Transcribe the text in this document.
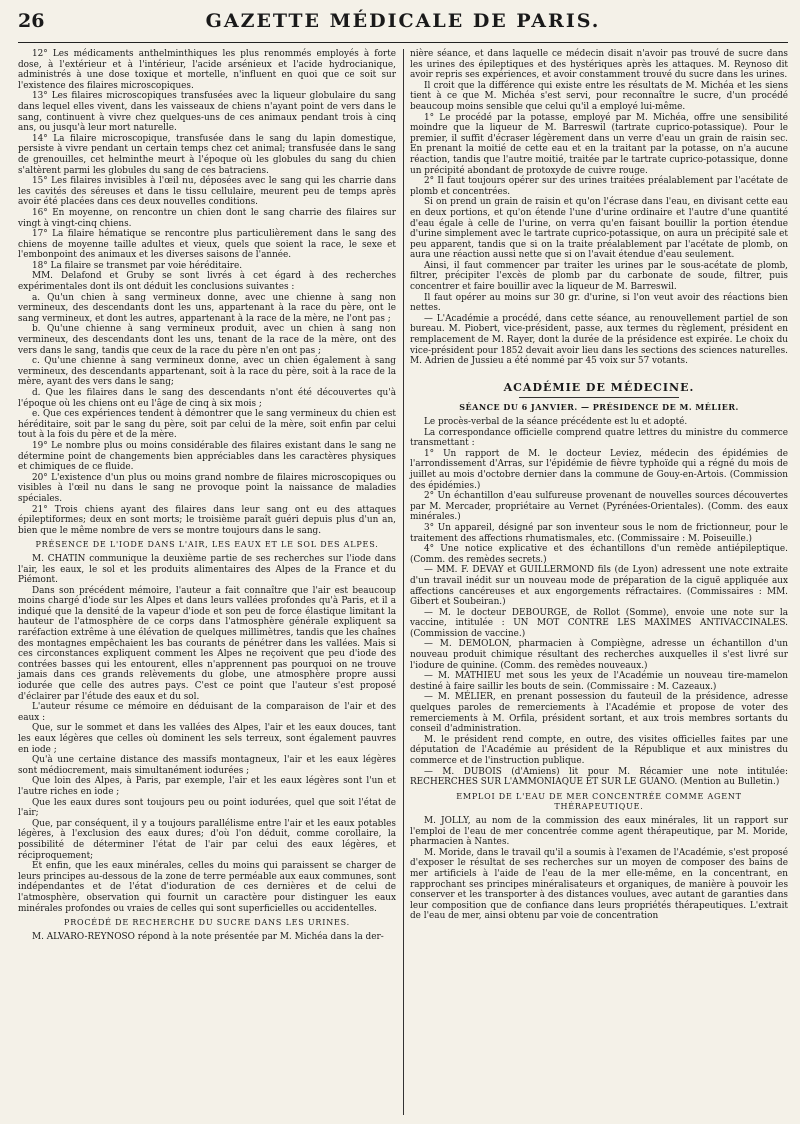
26	GAZETTE MÉDICALE DE PARIS.

12° Les médicaments anthelminthiques les plus renommés employés à forte dose, à l'extérieur et à l'intérieur, l'acide arsénieux et l'acide hydrocianique, administrés à une dose toxique et mortelle, n'influent en quoi que ce soit sur l'existence des filaires microscopiques.

13° Les filaires microscopiques transfusées avec la liqueur globulaire du sang dans lequel elles vivent, dans les vaisseaux de chiens n'ayant point de vers dans le sang, continuent à vivre chez quelques-uns de ces animaux pendant trois à cinq ans, ou jusqu'à leur mort naturelle.

14° La filaire microscopique, transfusée dans le sang du lapin domestique, persiste à vivre pendant un certain temps chez cet animal; transfusée dans le sang de grenouilles, cet helminthe meurt à l'époque où les globules du sang du chien s'altèrent parmi les globules du sang de ces batraciens.

15° Les filaires invisibles à l'œil nu, déposées avec le sang qui les charrie dans les cavités des séreuses et dans le tissu cellulaire, meurent peu de temps après avoir été placées dans ces deux nouvelles conditions.

16° En moyenne, on rencontre un chien dont le sang charrie des filaires sur vingt à vingt-cinq chiens.

17° La filaire hématique se rencontre plus particulièrement dans le sang des chiens de moyenne taille adultes et vieux, quels que soient la race, le sexe et l'embonpoint des animaux et les diverses saisons de l'année.

18° La filaire se transmet par voie héréditaire.

MM. Delafond et Gruby se sont livrés à cet égard à des recherches expérimentales dont ils ont déduit les conclusions suivantes :

a. Qu'un chien à sang vermineux donne, avec une chienne à sang non vermineux, des descendants dont les uns, appartenant à la race du père, ont le sang vermineux, et dont les autres, appartenant à la race de la mère, ne l'ont pas ;

b. Qu'une chienne à sang vermineux produit, avec un chien à sang non vermineux, des descendants dont les uns, tenant de la race de la mère, ont des vers dans le sang, tandis que ceux de la race du père n'en ont pas ;

c. Qu'une chienne à sang vermineux donne, avec un chien également à sang vermineux, des descendants appartenant, soit à la race du père, soit à la race de la mère, ayant des vers dans le sang;

d. Que les filaires dans le sang des descendants n'ont été découvertes qu'à l'époque où les chiens ont eu l'âge de cinq à six mois ;

e. Que ces expériences tendent à démontrer que le sang vermineux du chien est héréditaire, soit par le sang du père, soit par celui de la mère, soit enfin par celui tout à la fois du père et de la mère.

19° Le nombre plus ou moins considérable des filaires existant dans le sang ne détermine point de changements bien appréciables dans les caractères physiques et chimiques de ce fluide.

20° L'existence d'un plus ou moins grand nombre de filaires microscopiques ou visibles à l'œil nu dans le sang ne provoque point la naissance de maladies spéciales.

21° Trois chiens ayant des filaires dans leur sang ont eu des attaques épileptiformes; deux en sont morts; le troisième paraît guéri depuis plus d'un an, bien que le même nombre de vers se montre toujours dans le sang.

PRÉSENCE DE L'IODE DANS L'AIR, LES EAUX ET LE SOL DES ALPES.

M. CHATIN communique la deuxième partie de ses recherches sur l'iode dans l'air, les eaux, le sol et les produits alimentaires des Alpes de la France et du Piémont.

Dans son précédent mémoire, l'auteur a fait connaître que l'air est beaucoup moins chargé d'iode sur les Alpes et dans leurs vallées profondes qu'à Paris, et il a indiqué que la densité de la vapeur d'iode et son peu de force élastique limitant la hauteur de l'atmosphère de ce corps dans l'atmosphère générale expliquent sa raréfaction extrême à une élévation de quelques millimètres, tandis que les chaînes des montagnes empêchaient les bas courants de pénétrer dans les vallées. Mais si ces circonstances expliquent comment les Alpes ne reçoivent que peu d'iode des contrées basses qui les entourent, elles n'apprennent pas pourquoi on ne trouve jamais dans ces grands relèvements du globe, une atmosphère propre aussi iodurée que celle des autres pays. C'est ce point que l'auteur s'est proposé d'éclairer par l'étude des eaux et du sol.

L'auteur résume ce mémoire en déduisant de la comparaison de l'air et des eaux :

Que, sur le sommet et dans les vallées des Alpes, l'air et les eaux douces, tant les eaux légères que celles où dominent les sels terreux, sont également pauvres en iode ;

Qu'à une certaine distance des massifs montagneux, l'air et les eaux légères sont médiocrement, mais simultanément iodurées ;

Que loin des Alpes, à Paris, par exemple, l'air et les eaux légères sont l'un et l'autre riches en iode ;

Que les eaux dures sont toujours peu ou point iodurées, quel que soit l'état de l'air;

Que, par conséquent, il y a toujours parallélisme entre l'air et les eaux potables légères, à l'exclusion des eaux dures; d'où l'on déduit, comme corollaire, la possibilité de déterminer l'état de l'air par celui des eaux légères, et réciproquement;

Et enfin, que les eaux minérales, celles du moins qui paraissent se charger de leurs principes au-dessous de la zone de terre perméable aux eaux communes, sont indépendantes et de l'état d'ioduration de ces dernières et de celui de l'atmosphère, observation qui fournit un caractère pour distinguer les eaux minérales profondes ou vraies de celles qui sont superficielles ou accidentelles.

PROCÉDÉ DE RECHERCHE DU SUCRE DANS LES URINES.

M. ALVARO-REYNOSO répond à la note présentée par M. Michéa dans la der-

nière séance, et dans laquelle ce médecin disait n'avoir pas trouvé de sucre dans les urines des épileptiques et des hystériques après les attaques. M. Reynoso dit avoir repris ses expériences, et avoir constamment trouvé du sucre dans les urines.

Il croit que la différence qui existe entre les résultats de M. Michéa et les siens tient à ce que M. Michéa s'est servi, pour reconnaître le sucre, d'un procédé beaucoup moins sensible que celui qu'il a employé lui-même.

1° Le procédé par la potasse, employé par M. Michéa, offre une sensibilité moindre que la liqueur de M. Barreswil (tartrate cuprico-potassique). Pour le premier, il suffit d'écraser légèrement dans un verre d'eau un grain de raisin sec. En prenant la moitié de cette eau et en la traitant par la potasse, on n'a aucune réaction, tandis que l'autre moitié, traitée par le tartrate cuprico-potassique, donne un précipité abondant de protoxyde de cuivre rouge.

2° Il faut toujours opérer sur des urines traitées préalablement par l'acétate de plomb et concentrées.

Si on prend un grain de raisin et qu'on l'écrase dans l'eau, en divisant cette eau en deux portions, et qu'on étende l'une d'urine ordinaire et l'autre d'une quantité d'eau égale à celle de l'urine, on verra qu'en faisant bouillir la portion étendue d'urine simplement avec le tartrate cuprico-potassique, on aura un précipité sale et peu apparent, tandis que si on la traite préalablement par l'acétate de plomb, on aura une réaction aussi nette que si on l'avait étendue d'eau seulement.

Ainsi, il faut commencer par traiter les urines par le sous-acétate de plomb, filtrer, précipiter l'excès de plomb par du carbonate de soude, filtrer, puis concentrer et faire bouillir avec la liqueur de M. Barreswil.

Il faut opérer au moins sur 30 gr. d'urine, si l'on veut avoir des réactions bien nettes.

— L'Académie a procédé, dans cette séance, au renouvellement partiel de son bureau. M. Piobert, vice-président, passe, aux termes du règlement, président en remplacement de M. Rayer, dont la durée de la présidence est expirée. Le choix du vice-président pour 1852 devait avoir lieu dans les sections des sciences naturelles. M. Adrien de Jussieu a été nommé par 45 voix sur 57 votants.

ACADÉMIE DE MÉDECINE.
SÉANCE DU 6 JANVIER. — PRÉSIDENCE DE M. MÉLIER.

Le procès-verbal de la séance précédente est lu et adopté.

La correspondance officielle comprend quatre lettres du ministre du commerce transmettant :

1° Un rapport de M. le docteur Leviez, médecin des épidémies de l'arrondissement d'Arras, sur l'épidémie de fièvre typhoïde qui a régné du mois de juillet au mois d'octobre dernier dans la commune de Gouy-en-Artois. (Commission des épidémies.)

2° Un échantillon d'eau sulfureuse provenant de nouvelles sources découvertes par M. Mercader, propriétaire au Vernet (Pyrénées-Orientales). (Comm. des eaux minérales.)

3° Un appareil, désigné par son inventeur sous le nom de frictionneur, pour le traitement des affections rhumatismales, etc. (Commissaire : M. Poiseuille.)

4° Une notice explicative et des échantillons d'un remède antiépileptique. (Comm. des remèdes secrets.)

— MM. F. DEVAY et GUILLERMOND fils (de Lyon) adressent une note extraite d'un travail inédit sur un nouveau mode de préparation de la ciguë appliquée aux affections cancéreuses et aux engorgements réfractaires. (Commissaires : MM. Gibert et Soubeiran.)

— M. le docteur DEBOURGE, de Rollot (Somme), envoie une note sur la vaccine, intitulée : UN MOT CONTRE LES MAXIMES ANTIVACCINALES. (Commission de vaccine.)

— M. DEMOLON, pharmacien à Compiègne, adresse un échantillon d'un nouveau produit chimique résultant des recherches auxquelles il s'est livré sur l'iodure de quinine. (Comm. des remèdes nouveaux.)

— M. MATHIEU met sous les yeux de l'Académie un nouveau tire-mamelon destiné à faire saillir les bouts de sein. (Commissaire : M. Cazeaux.)

— M. MÉLIER, en prenant possession du fauteuil de la présidence, adresse quelques paroles de remerciements à l'Académie et propose de voter des remerciements à M. Orfila, président sortant, et aux trois membres sortants du conseil d'administration.

M. le président rend compte, en outre, des visites officielles faites par une députation de l'Académie au président de la République et aux ministres du commerce et de l'instruction publique.

— M. DUBOIS (d'Amiens) lit pour M. Récamier une note intitulée: RECHERCHES SUR L'AMMONIAQUE ET SUR LE GUANO. (Mention au Bulletin.)

EMPLOI DE L'EAU DE MER CONCENTRÉE COMME AGENT THÉRAPEUTIQUE.

M. JOLLY, au nom de la commission des eaux minérales, lit un rapport sur l'emploi de l'eau de mer concentrée comme agent thérapeutique, par M. Moride, pharmacien à Nantes.

M. Moride, dans le travail qu'il a soumis à l'examen de l'Académie, s'est proposé d'exposer le résultat de ses recherches sur un moyen de composer des bains de mer artificiels à l'aide de l'eau de la mer elle-même, en la concentrant, en rapprochant ses principes minéralisateurs et organiques, de manière à pouvoir les conserver et les transporter à des distances voulues, avec autant de garanties dans leur composition que de confiance dans leurs propriétés thérapeutiques. L'extrait de l'eau de mer, ainsi obtenu par voie de concentration
